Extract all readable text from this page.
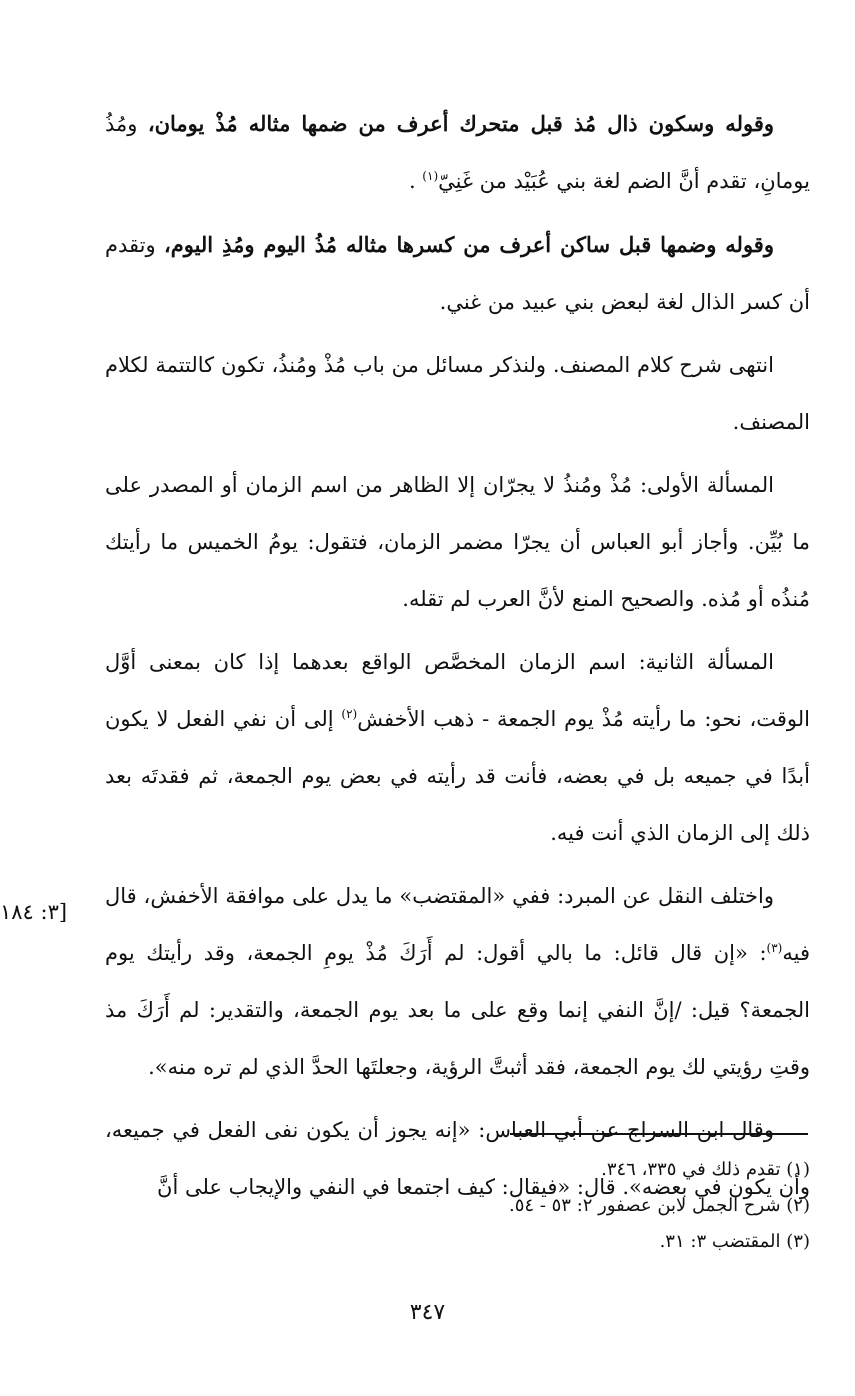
وقوله وسكون ذال مُذ قبل متحرك أعرف من ضمها مثاله مُذْ يومان، ومُذُ يومانِ، تقدم أنَّ الضم لغة بني عُبَيْد من غَنِيّ$^{(١)}$ .

وقوله وضمها قبل ساكن أعرف من كسرها مثاله مُذُ اليوم ومُذِ اليوم، وتقدم أن كسر الذال لغة لبعض بني عبيد من غني.

انتهى شرح كلام المصنف. ولنذكر مسائل من باب مُذْ ومُنذُ، تكون كالتتمة لكلام المصنف.

المسألة الأولى: مُذْ ومُنذُ لا يجرّان إلا الظاهر من اسم الزمان أو المصدر على ما بُيِّن. وأجاز أبو العباس أن يجرّا مضمر الزمان، فتقول: يومُ الخميس ما رأيتك مُنذُه أو مُذه. والصحيح المنع لأنَّ العرب لم تقله.

المسألة الثانية: اسم الزمان المخصَّص الواقع بعدهما إذا كان بمعنى أوَّل الوقت، نحو: ما رأيته مُذْ يوم الجمعة - ذهب الأخفش$^{(٢)}$ إلى أن نفي الفعل لا يكون أبدًا في جميعه بل في بعضه، فأنت قد رأيته في بعض يوم الجمعة، ثم فقدتَه بعد ذلك إلى الزمان الذي أنت فيه.

واختلف النقل عن المبرد: ففي «المقتضب» ما يدل على موافقة الأخفش، قال فيه$^{(٣)}$: «إن قال قائل: ما بالي أقول: لم أَرَكَ مُذْ يومِ الجمعة، وقد رأيتك يوم الجمعة؟ قيل: /إنَّ النفي إنما وقع على ما بعد يوم الجمعة، والتقدير: لم أَرَكَ مذ وقتِ رؤيتي لك يوم الجمعة، فقد أثبتَّ الرؤية، وجعلتَها الحدَّ الذي لم تره منه».

وقال ابن السراج عن أبي العباس: «إنه يجوز أن يكون نفى الفعل في جميعه، وأن يكون في بعضه». قال: «فيقال: كيف اجتمعا في النفي والإيجاب على أنَّ

[٣: ١٨٤

(١) تقدم ذلك في ٣٣٥، ٣٤٦.

(٢) شرح الجمل لابن عصفور ٢: ٥٣ - ٥٤.

(٣) المقتضب ٣: ٣١.

٣٤٧
